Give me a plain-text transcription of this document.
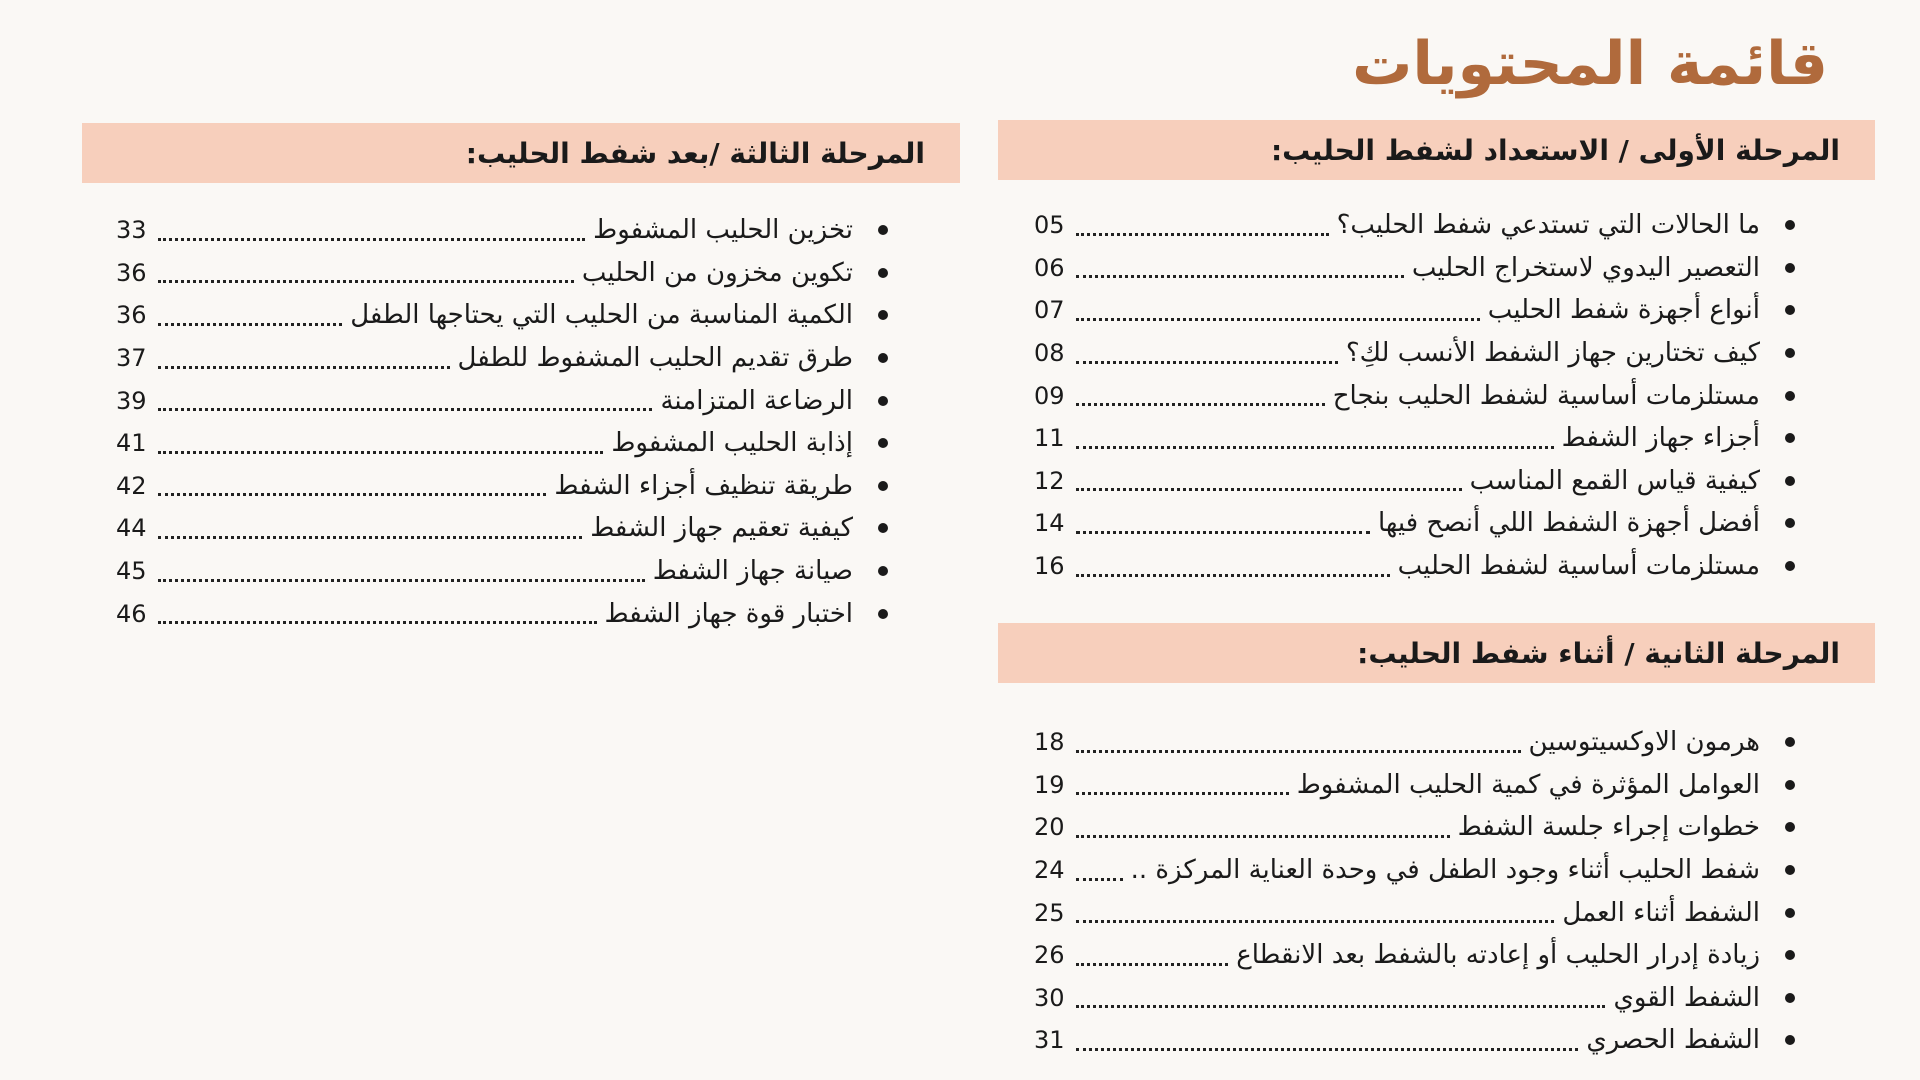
قائمة المحتويات
المرحلة الأولى / الاستعداد لشفط الحليب:
ما الحالات التي تستدعي شفط الحليب؟
05
التعصير اليدوي لاستخراج الحليب
06
أنواع أجهزة شفط الحليب
07
كيف تختارين جهاز الشفط الأنسب لكِ؟
08
مستلزمات أساسية لشفط الحليب بنجاح
09
أجزاء جهاز الشفط
11
كيفية قياس القمع المناسب
12
أفضل أجهزة الشفط اللي أنصح فيها
14
مستلزمات أساسية لشفط الحليب
16
المرحلة الثانية / أثناء شفط الحليب:
هرمون الاوكسيتوسين
18
العوامل المؤثرة في كمية الحليب المشفوط
19
خطوات إجراء جلسة الشفط
20
شفط الحليب أثناء وجود الطفل في وحدة العناية المركزة ..
24
الشفط أثناء العمل
25
زيادة إدرار الحليب أو إعادته بالشفط بعد الانقطاع
26
الشفط القوي
30
الشفط الحصري
31
المرحلة الثالثة /بعد شفط الحليب:
تخزين الحليب المشفوط
33
تكوين مخزون من الحليب
36
الكمية المناسبة من الحليب التي يحتاجها الطفل
36
طرق تقديم الحليب المشفوط للطفل
37
الرضاعة المتزامنة
39
إذابة الحليب المشفوط
41
طريقة تنظيف أجزاء الشفط
42
كيفية تعقيم جهاز الشفط
44
صيانة جهاز الشفط
45
اختبار قوة جهاز الشفط
46
